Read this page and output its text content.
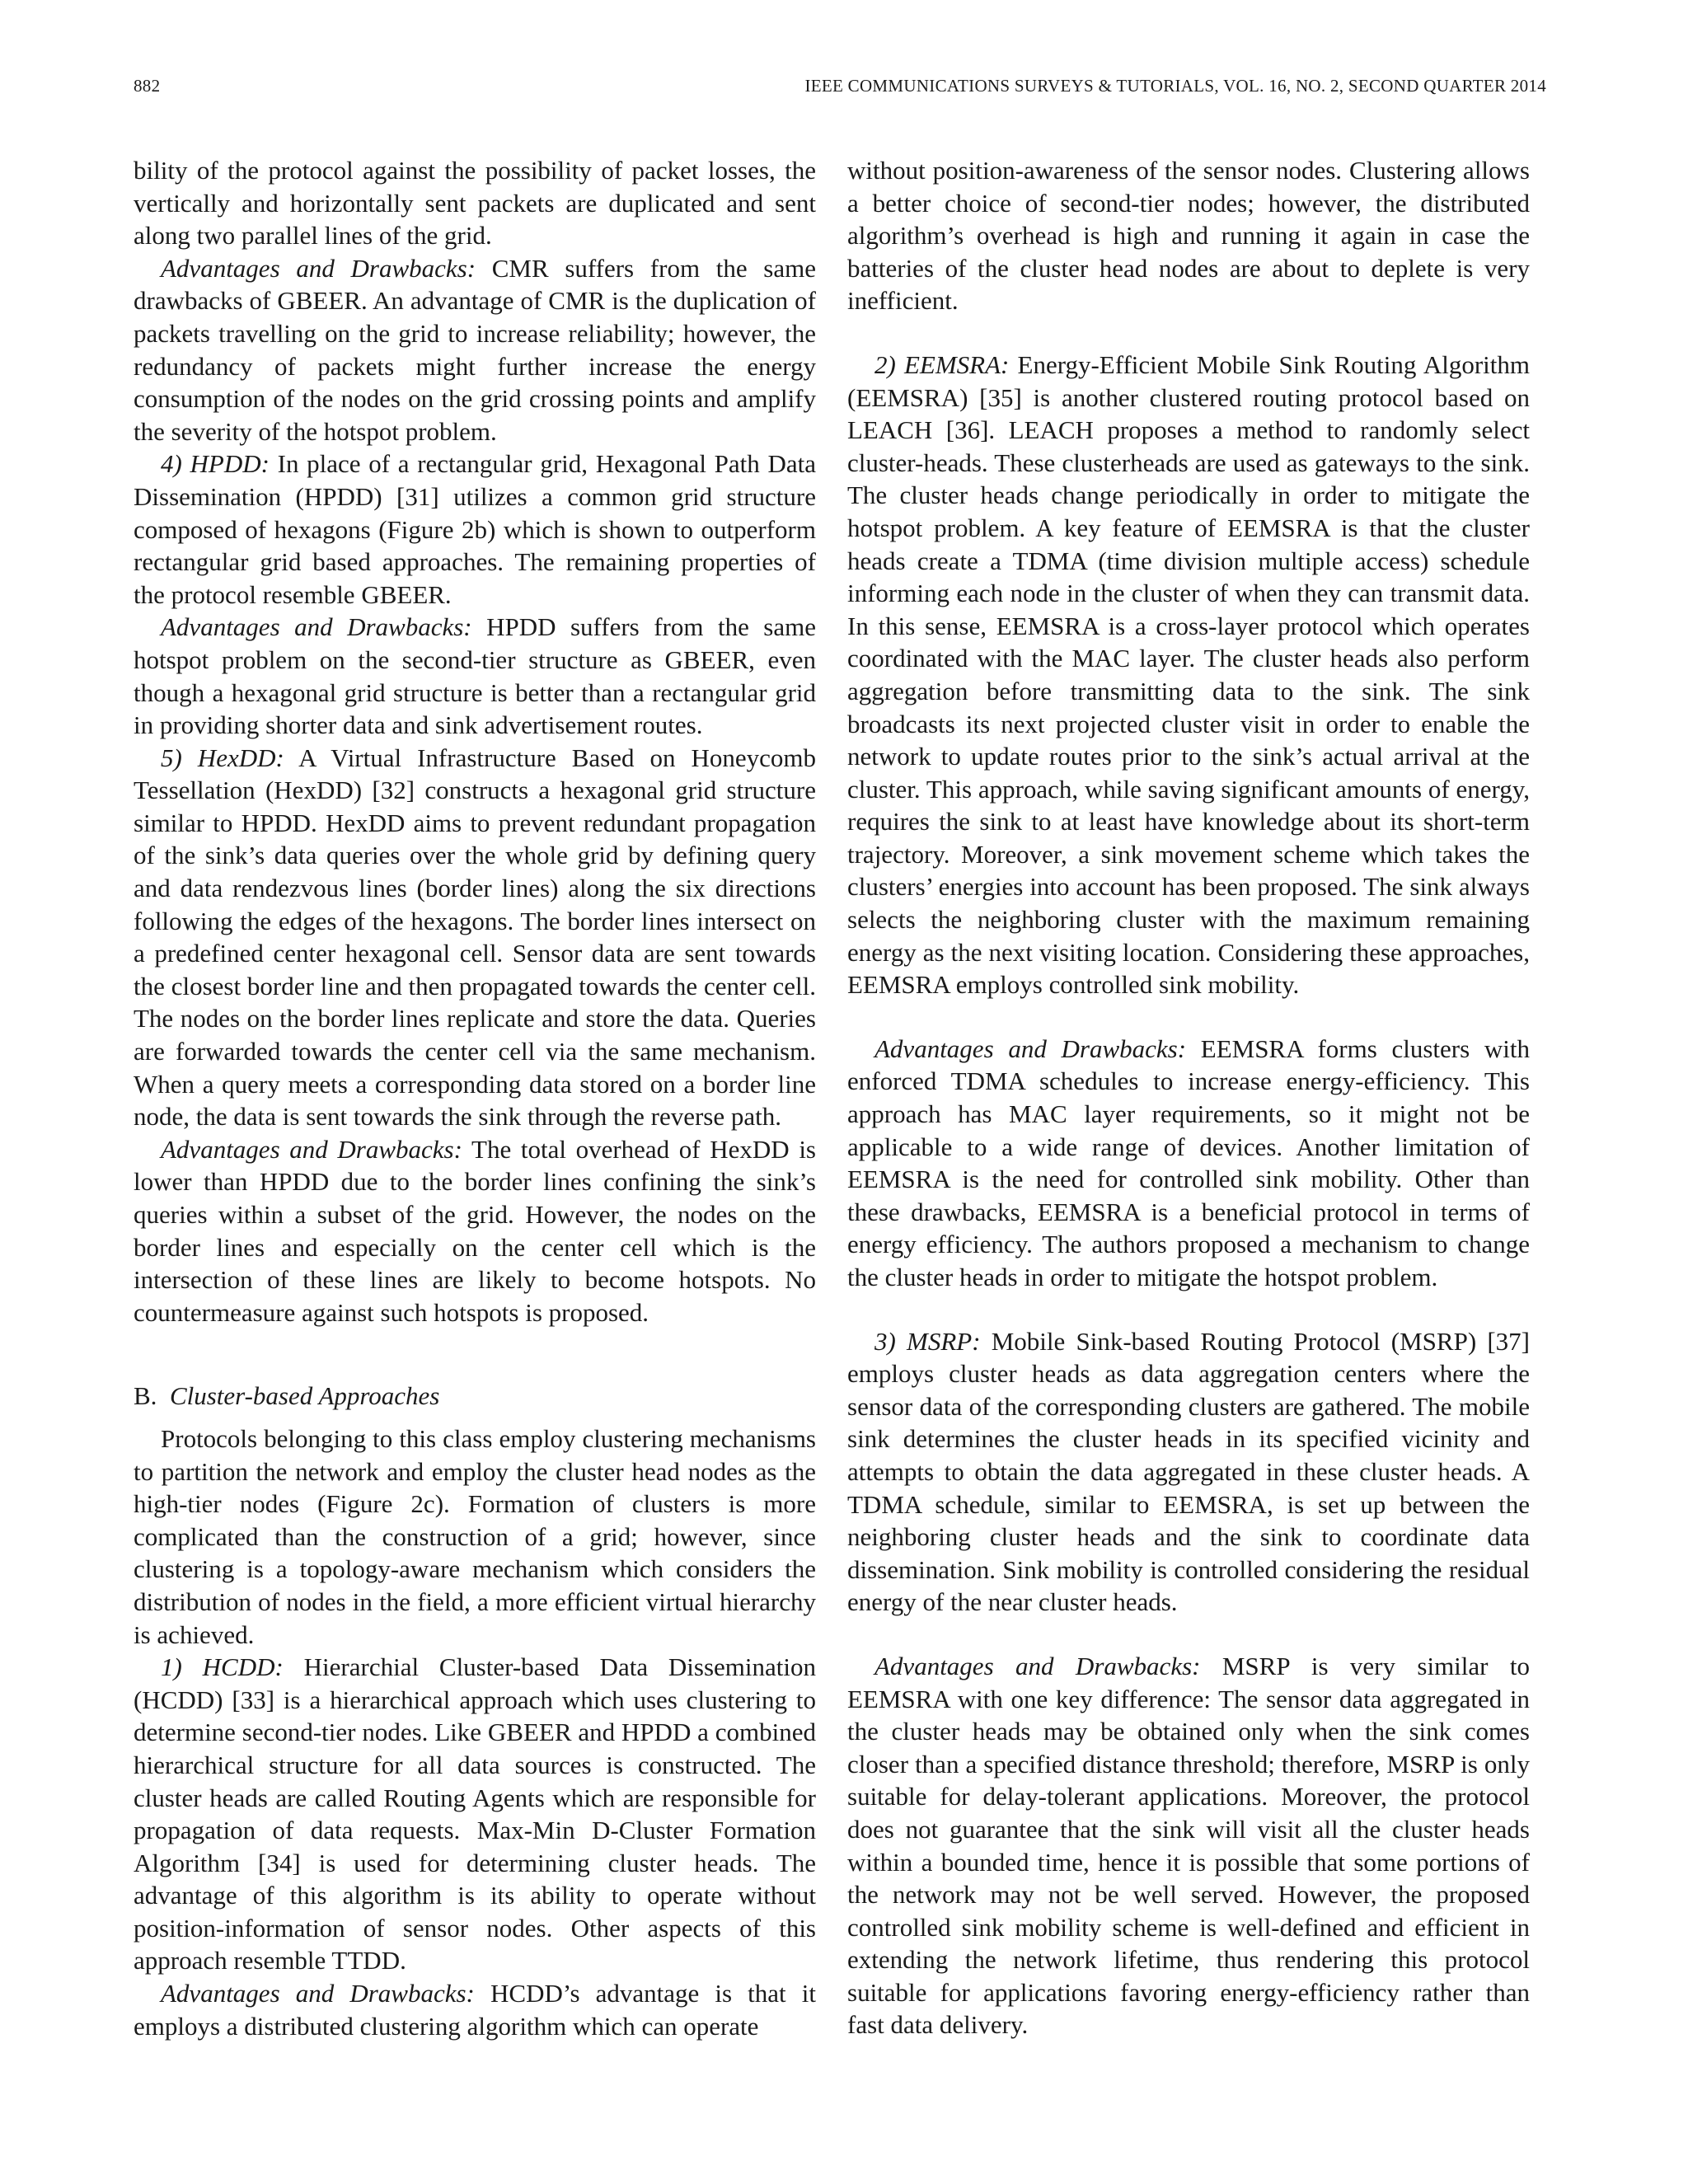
882	IEEE COMMUNICATIONS SURVEYS & TUTORIALS, VOL. 16, NO. 2, SECOND QUARTER 2014

bility of the protocol against the possibility of packet losses, the vertically and horizontally sent packets are duplicated and sent along two parallel lines of the grid.

Advantages and Drawbacks: CMR suffers from the same drawbacks of GBEER. An advantage of CMR is the duplication of packets travelling on the grid to increase reliability; however, the redundancy of packets might further increase the energy consumption of the nodes on the grid crossing points and amplify the severity of the hotspot problem.

4) HPDD: In place of a rectangular grid, Hexagonal Path Data Dissemination (HPDD) [31] utilizes a common grid structure composed of hexagons (Figure 2b) which is shown to outperform rectangular grid based approaches. The remaining properties of the protocol resemble GBEER.

Advantages and Drawbacks: HPDD suffers from the same hotspot problem on the second-tier structure as GBEER, even though a hexagonal grid structure is better than a rectangular grid in providing shorter data and sink advertisement routes.

5) HexDD: A Virtual Infrastructure Based on Honeycomb Tessellation (HexDD) [32] constructs a hexagonal grid structure similar to HPDD. HexDD aims to prevent redundant propagation of the sink’s data queries over the whole grid by defining query and data rendezvous lines (border lines) along the six directions following the edges of the hexagons. The border lines intersect on a predefined center hexagonal cell. Sensor data are sent towards the closest border line and then propagated towards the center cell. The nodes on the border lines replicate and store the data. Queries are forwarded towards the center cell via the same mechanism. When a query meets a corresponding data stored on a border line node, the data is sent towards the sink through the reverse path.

Advantages and Drawbacks: The total overhead of HexDD is lower than HPDD due to the border lines confining the sink’s queries within a subset of the grid. However, the nodes on the border lines and especially on the center cell which is the intersection of these lines are likely to become hotspots. No countermeasure against such hotspots is proposed.

B. Cluster-based Approaches

Protocols belonging to this class employ clustering mechanisms to partition the network and employ the cluster head nodes as the high-tier nodes (Figure 2c). Formation of clusters is more complicated than the construction of a grid; however, since clustering is a topology-aware mechanism which considers the distribution of nodes in the field, a more efficient virtual hierarchy is achieved.

1) HCDD: Hierarchial Cluster-based Data Dissemination (HCDD) [33] is a hierarchical approach which uses clustering to determine second-tier nodes. Like GBEER and HPDD a combined hierarchical structure for all data sources is constructed. The cluster heads are called Routing Agents which are responsible for propagation of data requests. Max-Min D-Cluster Formation Algorithm [34] is used for determining cluster heads. The advantage of this algorithm is its ability to operate without position-information of sensor nodes. Other aspects of this approach resemble TTDD.

Advantages and Drawbacks: HCDD’s advantage is that it employs a distributed clustering algorithm which can operate

without position-awareness of the sensor nodes. Clustering allows a better choice of second-tier nodes; however, the distributed algorithm’s overhead is high and running it again in case the batteries of the cluster head nodes are about to deplete is very inefficient.

2) EEMSRA: Energy-Efficient Mobile Sink Routing Algorithm (EEMSRA) [35] is another clustered routing protocol based on LEACH [36]. LEACH proposes a method to randomly select cluster-heads. These clusterheads are used as gateways to the sink. The cluster heads change periodically in order to mitigate the hotspot problem. A key feature of EEMSRA is that the cluster heads create a TDMA (time division multiple access) schedule informing each node in the cluster of when they can transmit data. In this sense, EEMSRA is a cross-layer protocol which operates coordinated with the MAC layer. The cluster heads also perform aggregation before transmitting data to the sink. The sink broadcasts its next projected cluster visit in order to enable the network to update routes prior to the sink’s actual arrival at the cluster. This approach, while saving significant amounts of energy, requires the sink to at least have knowledge about its short-term trajectory. Moreover, a sink movement scheme which takes the clusters’ energies into account has been proposed. The sink always selects the neighboring cluster with the maximum remaining energy as the next visiting location. Considering these approaches, EEMSRA employs controlled sink mobility.

Advantages and Drawbacks: EEMSRA forms clusters with enforced TDMA schedules to increase energy-efficiency. This approach has MAC layer requirements, so it might not be applicable to a wide range of devices. Another limitation of EEMSRA is the need for controlled sink mobility. Other than these drawbacks, EEMSRA is a beneficial protocol in terms of energy efficiency. The authors proposed a mechanism to change the cluster heads in order to mitigate the hotspot problem.

3) MSRP: Mobile Sink-based Routing Protocol (MSRP) [37] employs cluster heads as data aggregation centers where the sensor data of the corresponding clusters are gathered. The mobile sink determines the cluster heads in its specified vicinity and attempts to obtain the data aggregated in these cluster heads. A TDMA schedule, similar to EEMSRA, is set up between the neighboring cluster heads and the sink to coordinate data dissemination. Sink mobility is controlled considering the residual energy of the near cluster heads.

Advantages and Drawbacks: MSRP is very similar to EEMSRA with one key difference: The sensor data aggregated in the cluster heads may be obtained only when the sink comes closer than a specified distance threshold; therefore, MSRP is only suitable for delay-tolerant applications. Moreover, the protocol does not guarantee that the sink will visit all the cluster heads within a bounded time, hence it is possible that some portions of the network may not be well served. However, the proposed controlled sink mobility scheme is well-defined and efficient in extending the network lifetime, thus rendering this protocol suitable for applications favoring energy-efficiency rather than fast data delivery.
